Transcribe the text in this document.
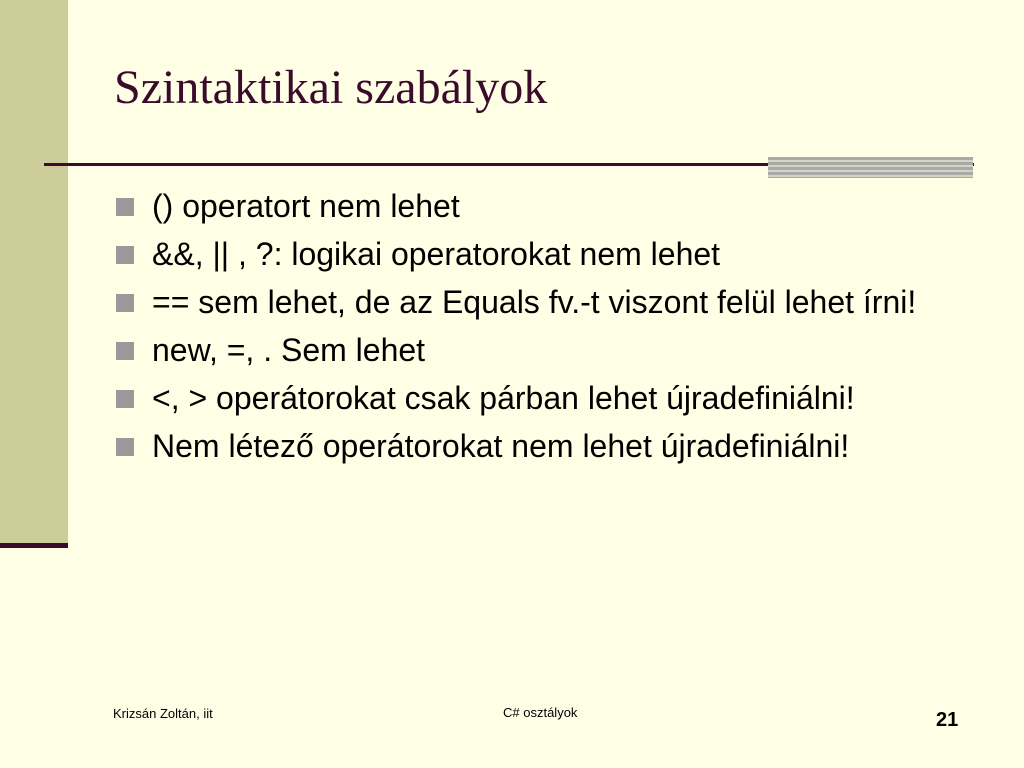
Szintaktikai szabályok
() operatort nem lehet
&&, || , ?: logikai operatorokat nem lehet
== sem lehet, de az Equals fv.-t viszont felül lehet írni!
new, =, . Sem lehet
<, > operátorokat csak párban lehet újradefiniálni!
Nem létező operátorokat nem lehet újradefiniálni!
Krizsán Zoltán, iit	C# osztályok	21
